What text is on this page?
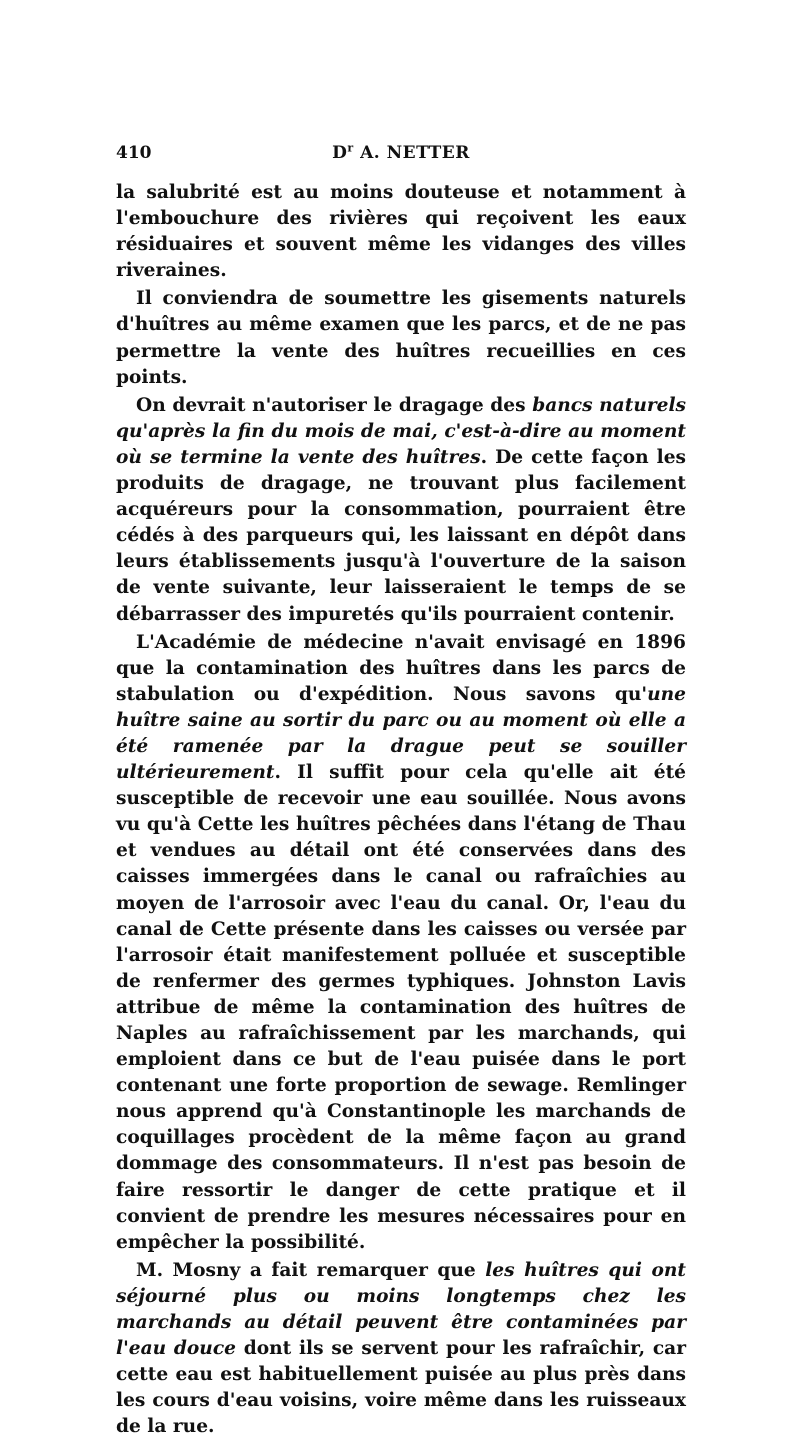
410	$D^r$ A. NETTER

la salubrité est au moins douteuse et notamment à l'embouchure des rivières qui reçoivent les eaux résiduaires et souvent même les vidanges des villes riveraines.

Il conviendra de soumettre les gisements naturels d'huîtres au même examen que les parcs, et de ne pas permettre la vente des huîtres recueillies en ces points.

On devrait n'autoriser le dragage des bancs naturels qu'après la fin du mois de mai, c'est-à-dire au moment où se termine la vente des huîtres. De cette façon les produits de dragage, ne trouvant plus facilement acquéreurs pour la consommation, pourraient être cédés à des parqueurs qui, les laissant en dépôt dans leurs établissements jusqu'à l'ouverture de la saison de vente suivante, leur laisseraient le temps de se débarrasser des impuretés qu'ils pourraient contenir.

L'Académie de médecine n'avait envisagé en 1896 que la contamination des huîtres dans les parcs de stabulation ou d'expédition. Nous savons qu'une huître saine au sortir du parc ou au moment où elle a été ramenée par la drague peut se souiller ultérieurement. Il suffit pour cela qu'elle ait été susceptible de recevoir une eau souillée. Nous avons vu qu'à Cette les huîtres pêchées dans l'étang de Thau et vendues au détail ont été conservées dans des caisses immergées dans le canal ou rafraîchies au moyen de l'arrosoir avec l'eau du canal. Or, l'eau du canal de Cette présente dans les caisses ou versée par l'arrosoir était manifestement polluée et susceptible de renfermer des germes typhiques. Johnston Lavis attribue de même la contamination des huîtres de Naples au rafraîchissement par les marchands, qui emploient dans ce but de l'eau puisée dans le port contenant une forte proportion de sewage. Remlinger nous apprend qu'à Constantinople les marchands de coquillages procèdent de la même façon au grand dommage des consommateurs. Il n'est pas besoin de faire ressortir le danger de cette pratique et il convient de prendre les mesures nécessaires pour en empêcher la possibilité.

M. Mosny a fait remarquer que les huîtres qui ont séjourné plus ou moins longtemps chez les marchands au détail peuvent être contaminées par l'eau douce dont ils se servent pour les rafraîchir, car cette eau est habituellement puisée au plus près dans les cours d'eau voisins, voire même dans les ruisseaux de la rue.
